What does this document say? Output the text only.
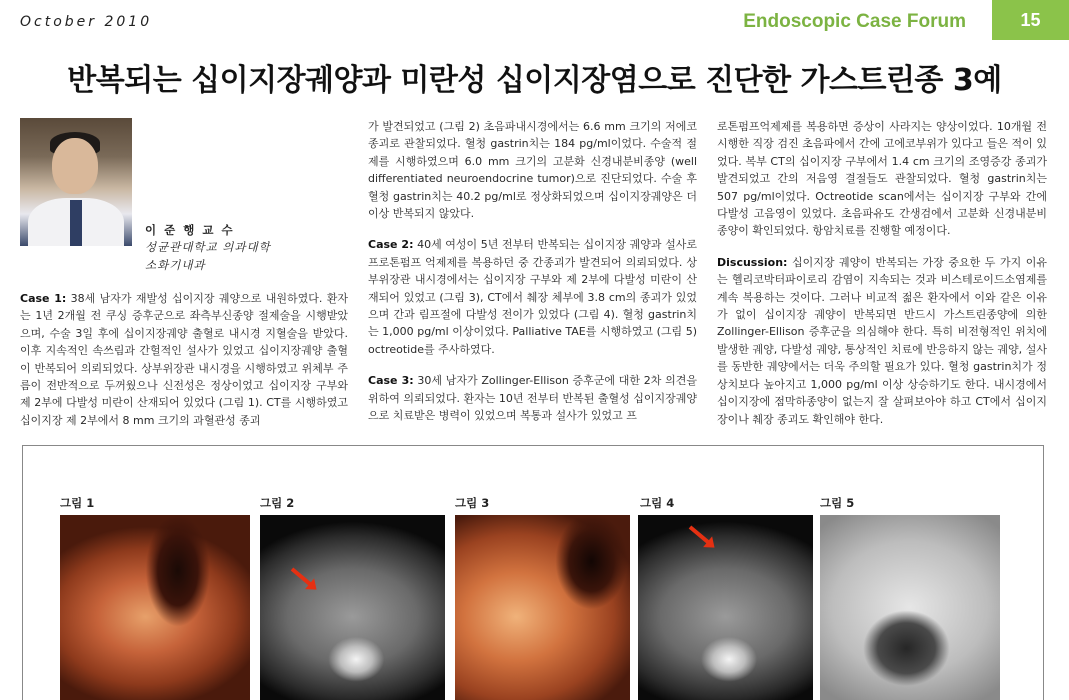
October 2010	Endoscopic Case Forum	15
반복되는 십이지장궤양과 미란성 십이지장염으로 진단한 가스트린종 3예
이 준 행 교 수
성균관대학교 의과대학
소화기내과

Case 1: 38세 남자가 재발성 십이지장 궤양으로 내원하였다. 환자는 1년 2개월 전 쿠싱 증후군으로 좌측부신종양 절제술을 시행받았으며, 수술 3일 후에 십이지장궤양 출혈로 내시경 지혈술을 받았다. 이후 지속적인 속쓰림과 간헐적인 설사가 있었고 십이지장궤양 출혈이 반복되어 의뢰되었다. 상부위장관 내시경을 시행하였고 위체부 주름이 전반적으로 두꺼웠으나 신전성은 정상이었고 십이지장 구부와 제 2부에 다발성 미란이 산재되어 있었다 (그림 1). CT를 시행하였고 십이지장 제 2부에서 8 mm 크기의 과혈관성 종괴

가 발견되었고 (그림 2) 초음파내시경에서는 6.6 mm 크기의 저에코종괴로 관찰되었다. 혈청 gastrin치는 184 pg/ml이었다. 수술적 절제를 시행하였으며 6.0 mm 크기의 고분화 신경내분비종양 (well differentiated neuroendocrine tumor)으로 진단되었다. 수술 후 혈청 gastrin치는 40.2 pg/ml로 정상화되었으며 십이지장궤양은 더 이상 반복되지 않았다.

Case 2: 40세 여성이 5년 전부터 반복되는 십이지장 궤양과 설사로 프로톤펌프 억제제를 복용하던 중 간종괴가 발견되어 의뢰되었다. 상부위장관 내시경에서는 십이지장 구부와 제 2부에 다발성 미란이 산재되어 있었고 (그림 3), CT에서 췌장 체부에 3.8 cm의 종괴가 있었으며 간과 림프절에 다발성 전이가 있었다 (그림 4). 혈청 gastrin치는 1,000 pg/ml 이상이었다. Palliative TAE를 시행하였고 (그림 5) octreotide를 주사하였다.

Case 3: 30세 남자가 Zollinger-Ellison 증후군에 대한 2차 의견을 위하여 의뢰되었다. 환자는 10년 전부터 반복된 출혈성 십이지장궤양으로 치료받은 병력이 있었으며 복통과 설사가 있었고 프

로톤펌프억제제를 복용하면 증상이 사라지는 양상이었다. 10개월 전 시행한 직장 검진 초음파에서 간에 고에코부위가 있다고 들은 적이 있었다. 복부 CT의 십이지장 구부에서 1.4 cm 크기의 조영증강 종괴가 발견되었고 간의 저음영 결절들도 관찰되었다. 혈청 gastrin치는 507 pg/ml이었다. Octreotide scan에서는 십이지장 구부와 간에 다발성 고음영이 있었다. 초음파유도 간생검에서 고분화 신경내분비종양이 확인되었다. 항암치료를 진행할 예정이다.

Discussion: 십이지장 궤양이 반복되는 가장 중요한 두 가지 이유는 헬리코박터파이로리 감염이 지속되는 것과 비스테로이드소염제를 계속 복용하는 것이다. 그러나 비교적 젊은 환자에서 이와 같은 이유가 없이 십이지장 궤양이 반복되면 반드시 가스트린종양에 의한 Zollinger-Ellison 증후군을 의심해야 한다. 특히 비전형적인 위치에 발생한 궤양, 다발성 궤양, 통상적인 치료에 반응하지 않는 궤양, 설사를 동반한 궤양에서는 더욱 주의할 필요가 있다. 혈청 gastrin치가 정상치보다 높아지고 1,000 pg/ml 이상 상승하기도 한다. 내시경에서 십이지장에 점막하종양이 없는지 잘 살펴보아야 하고 CT에서 십이지장이나 췌장 종괴도 확인해야 한다.

그림 1	그림 2	그림 3	그림 4	그림 5
